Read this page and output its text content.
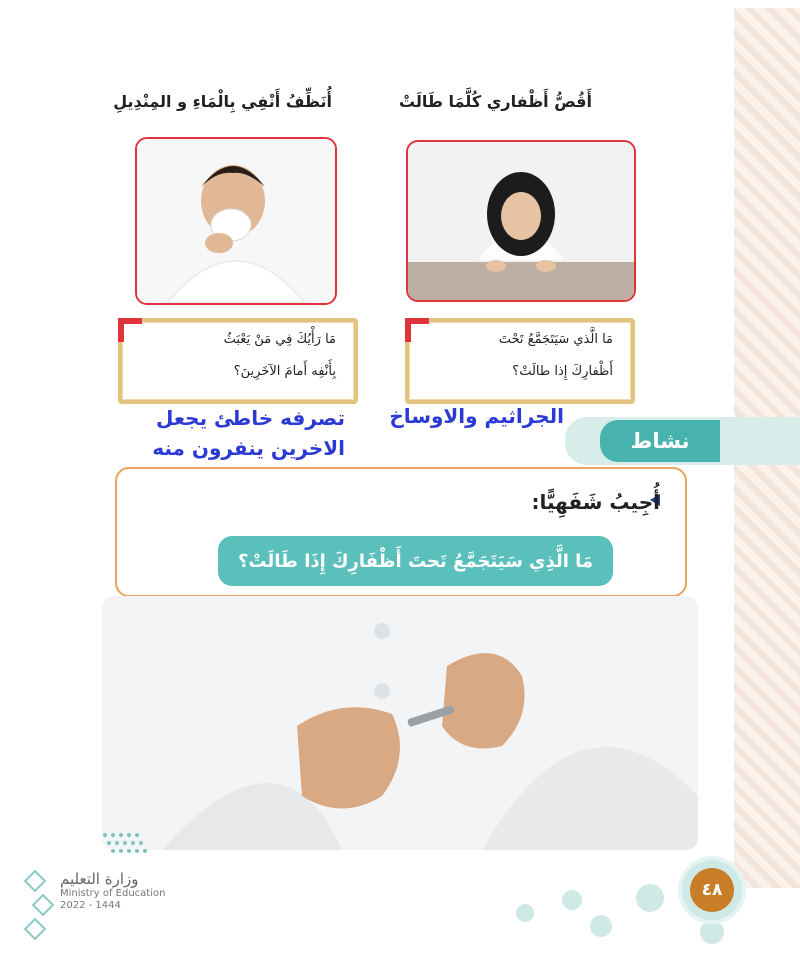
أَقُصُّ أَظْفاري كُلَّمَا طَالَتْ
أُنَظِّفُ أَنْفِي بِالْمَاءِ و المِنْدِيلِ
مَا الَّذي سَيَتَجَمَّعُ تَحْتَ
أَظْفارِكَ إِذا طالَتْ؟
مَا رَأْيُكَ فِي مَنْ يَعْبَثُ
بِأَنْفِه أَمامَ الآخَرِينَ؟
نشاط
الجراثيم والاوساخ
تصرفه خاطئ يجعل
الاخرين ينفرون منه
أُجِيبُ شَفَهِيًّا:
مَا الَّذِي سَيَتَجَمَّعُ تَحتَ أَظْفَارِكَ إِذَا طَالَتْ؟
٤٨
وزارة التعليم
Ministry of Education
2022 - 1444
